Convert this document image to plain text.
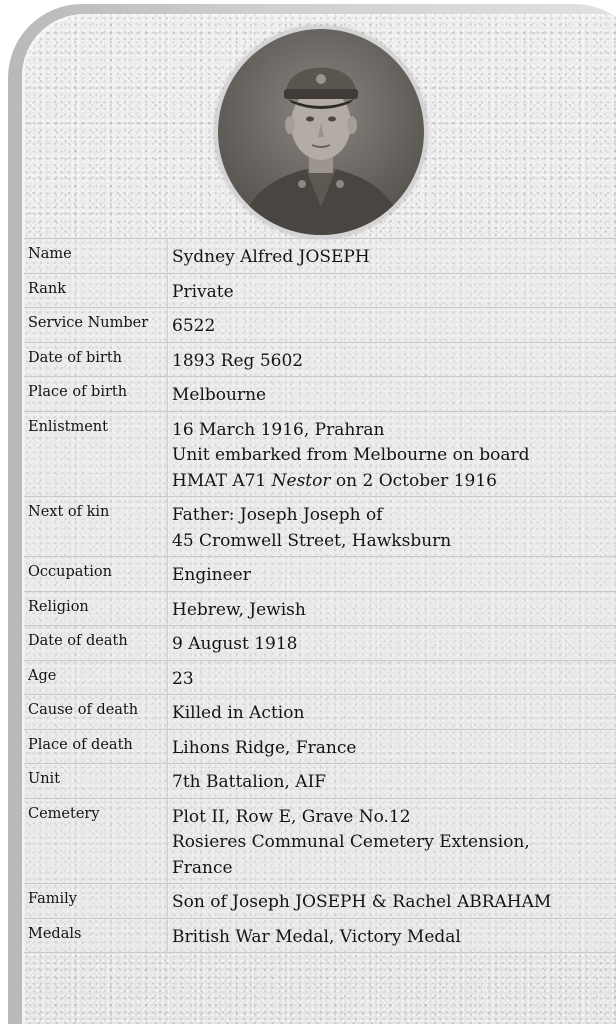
Name	Sydney Alfred JOSEPH

Rank	Private

Service Number	6522

Date of birth	1893 Reg 5602

Place of birth	Melbourne

Enlistment	16 March 1916, Prahran
Unit embarked from Melbourne on board
HMAT A71 Nestor on 2 October 1916

Next of kin	Father: Joseph Joseph of
45 Cromwell Street, Hawksburn

Occupation	Engineer

Religion	Hebrew, Jewish

Date of death	9 August 1918

Age	23

Cause of death	Killed in Action

Place of death	Lihons Ridge, France

Unit	7th Battalion, AIF

Cemetery	Plot II, Row E, Grave No.12
Rosieres Communal Cemetery Extension,
France

Family	Son of Joseph JOSEPH & Rachel ABRAHAM

Medals	British War Medal, Victory Medal
